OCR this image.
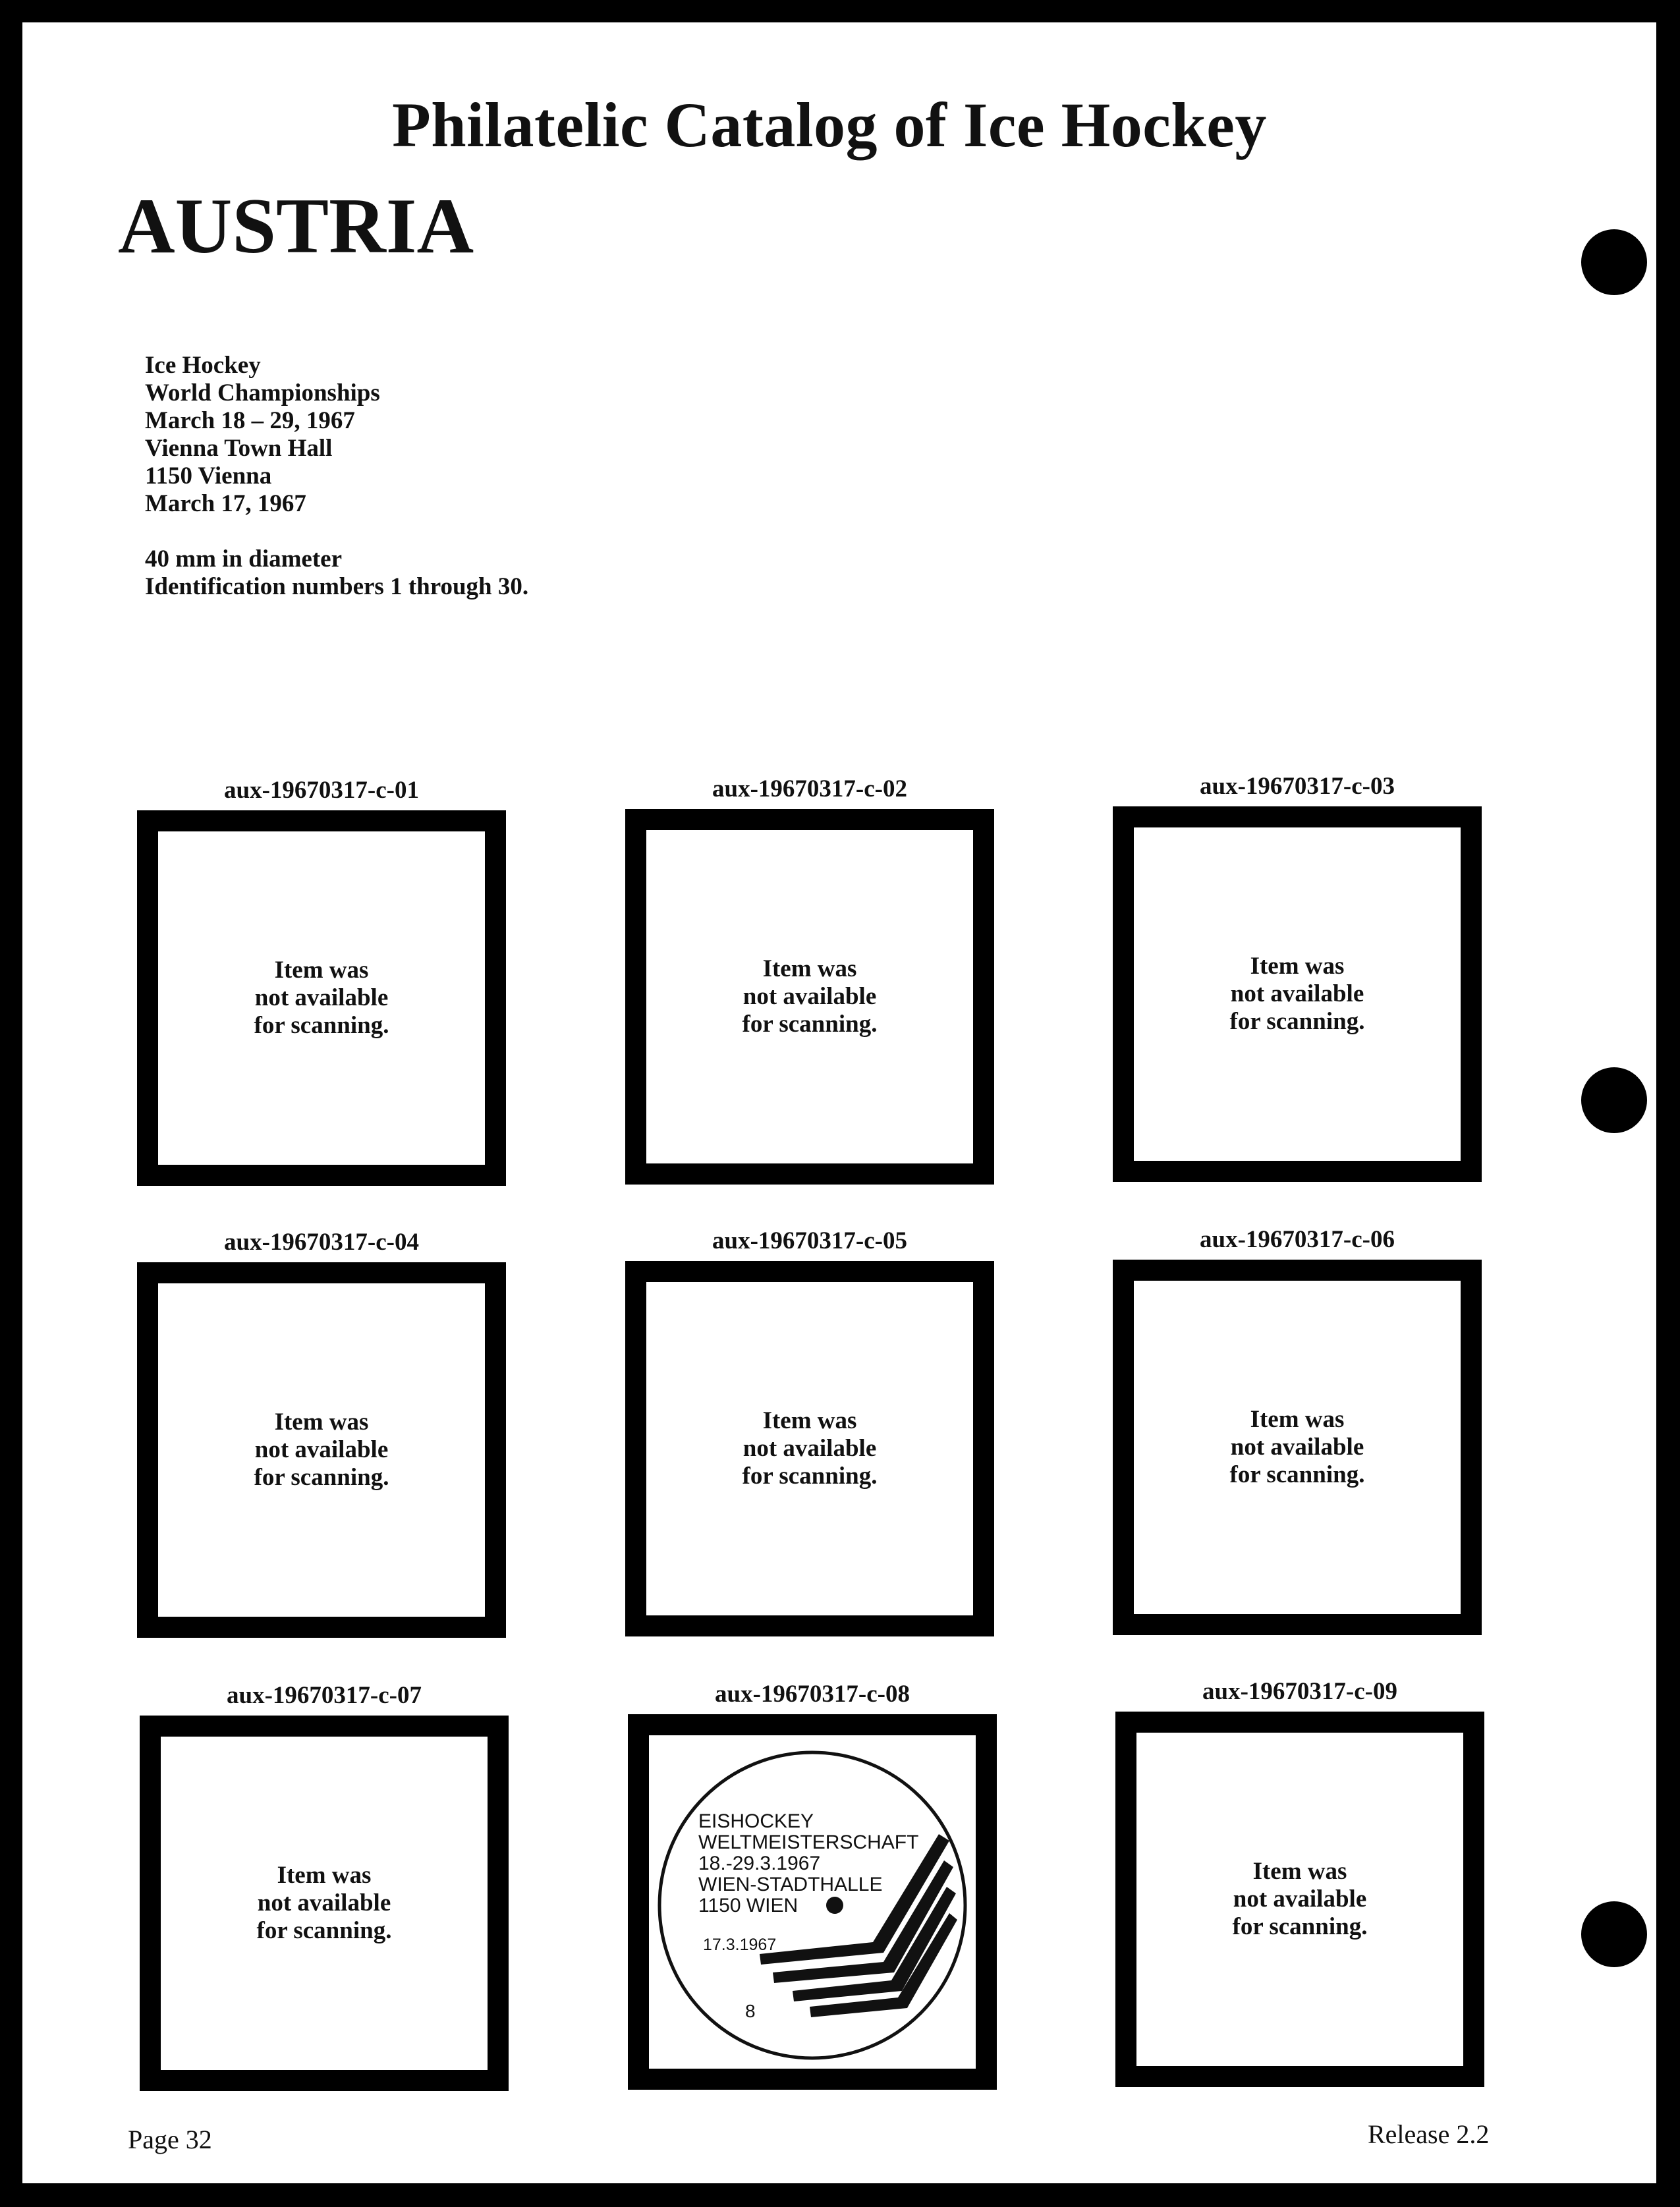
Philatelic Catalog of Ice Hockey
AUSTRIA
Ice Hockey
World Championships
March 18 – 29, 1967
Vienna Town Hall
1150 Vienna
March 17, 1967
40 mm in diameter
Identification numbers 1 through 30.
aux-19670317-c-01
Item was
not available
for scanning.
aux-19670317-c-02
Item was
not available
for scanning.
aux-19670317-c-03
Item was
not available
for scanning.
aux-19670317-c-04
Item was
not available
for scanning.
aux-19670317-c-05
Item was
not available
for scanning.
aux-19670317-c-06
Item was
not available
for scanning.
aux-19670317-c-07
Item was
not available
for scanning.
aux-19670317-c-08
EISHOCKEY
WELTMEISTERSCHAFT
18.-29.3.1967
WIEN-STADTHALLE
1150 WIEN
17.3.1967
8
aux-19670317-c-09
Item was
not available
for scanning.
Page 32	Release 2.2
